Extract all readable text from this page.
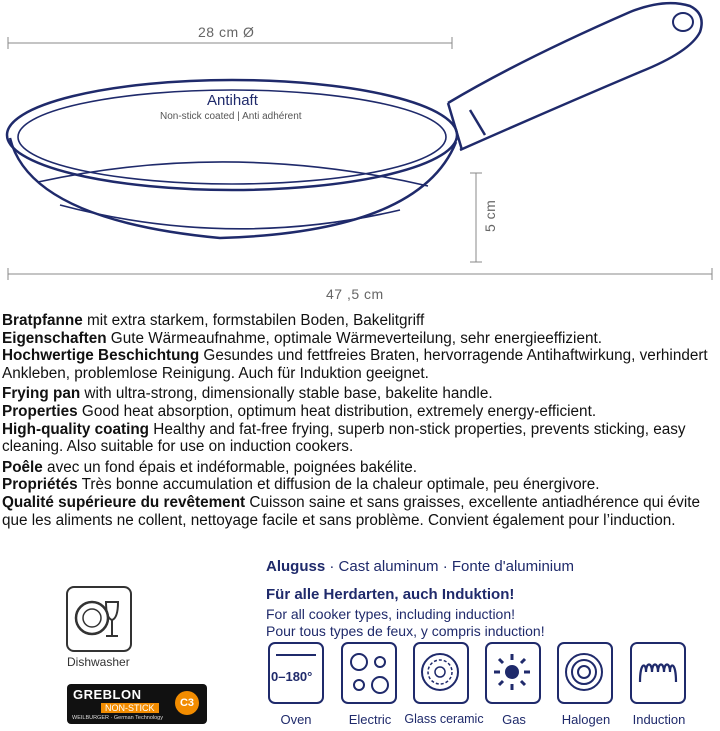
28 cm Ø
Antihaft
Non-stick coated | Anti adhérent
5 cm
47 ,5 cm

Bratpfanne mit extra starkem, formstabilen Boden, Bakelitgriff

Eigenschaften Gute Wärmeaufnahme, optimale Wärmeverteilung, sehr energieeffizient.

Hochwertige Beschichtung Gesundes und fettfreies Braten, hervorragende Antihaftwirkung, verhindert Ankleben, problemlose Reinigung. Auch für Induktion geeignet.

Frying pan with ultra-strong, dimensionally stable base, bakelite handle.

Properties Good heat absorption, optimum heat distribution, extremely energy-efficient.

High-quality coating Healthy and fat-free frying, superb non-stick properties, prevents sticking, easy cleaning. Also suitable for use on induction cookers.

Poêle avec un fond épais et indéformable, poignées bakélite.

Propriétés Très bonne accumulation et diffusion de la chaleur optimale, peu énergivore.

Qualité supérieure du revêtement Cuisson saine et sans graisses, excellente antiadhérence qui évite que les aliments ne collent, nettoyage facile et sans problème. Convient également pour l’induction.

Aluguss · Cast aluminum · Fonte d'aluminium
Für alle Herdarten, auch Induktion!
For all cooker types, including induction!
Pour tous types de feux, y compris induction!
Dishwasher
GREBLON
NON-STICK
WEILBURGER · German Technology
C3
0–180°
Oven	Electric	Glass ceramic	Gas	Halogen	Induction
